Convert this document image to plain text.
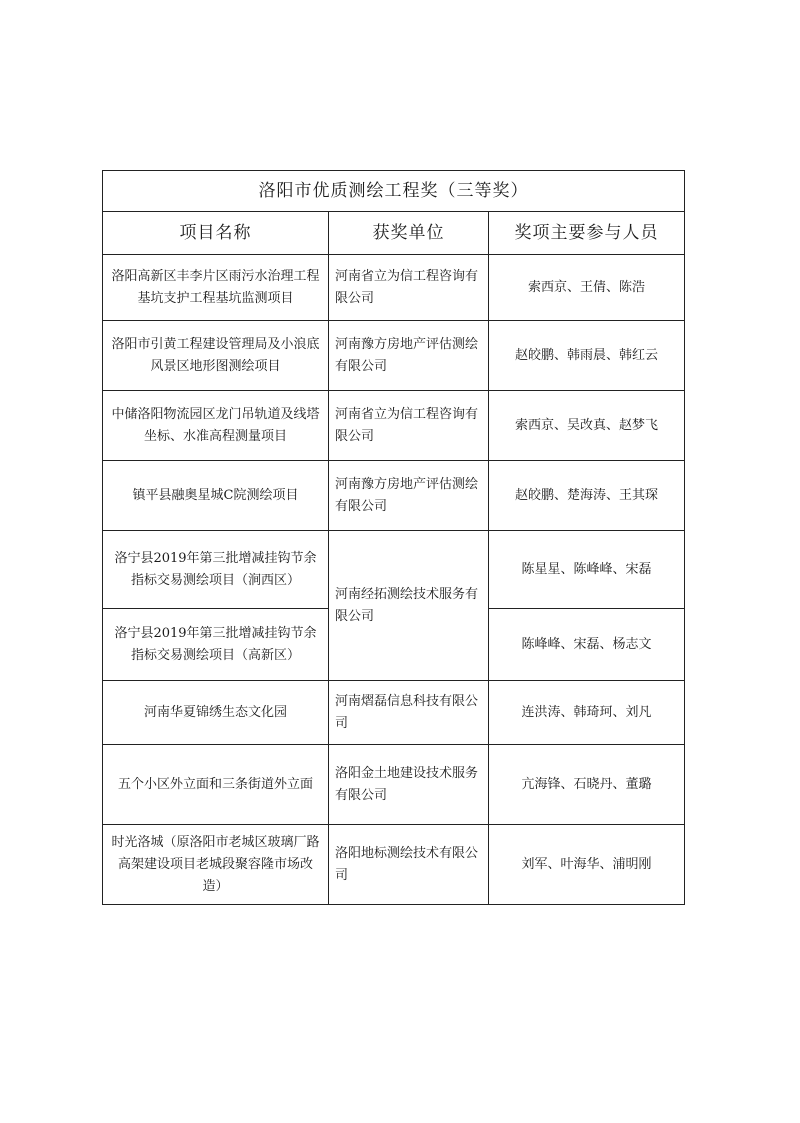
洛阳市优质测绘工程奖（三等奖）		
项目名称	获奖单位	奖项主要参与人员
洛阳高新区丰李片区雨污水治理工程基坑支护工程基坑监测项目	河南省立为信工程咨询有限公司	索西京、王倩、陈浩
洛阳市引黄工程建设管理局及小浪底风景区地形图测绘项目	河南豫方房地产评估测绘有限公司	赵皎鹏、韩雨晨、韩红云
中储洛阳物流园区龙门吊轨道及线塔坐标、水准高程测量项目	河南省立为信工程咨询有限公司	索西京、吴改真、赵梦飞
镇平县融奥星城C院测绘项目	河南豫方房地产评估测绘有限公司	赵皎鹏、楚海涛、王其琛
洛宁县2019年第三批增减挂钩节余指标交易测绘项目（涧西区）	河南经拓测绘技术服务有限公司	陈星星、陈峰峰、宋磊
洛宁县2019年第三批增减挂钩节余指标交易测绘项目（高新区）		陈峰峰、宋磊、杨志文
河南华夏锦绣生态文化园	河南熠磊信息科技有限公司	连洪涛、韩琦珂、刘凡
五个小区外立面和三条街道外立面	洛阳金土地建设技术服务有限公司	亢海锋、石晓丹、董璐
时光洛城（原洛阳市老城区玻璃厂路高架建设项目老城段聚容隆市场改造）	洛阳地标测绘技术有限公司	刘军、叶海华、浦明刚
